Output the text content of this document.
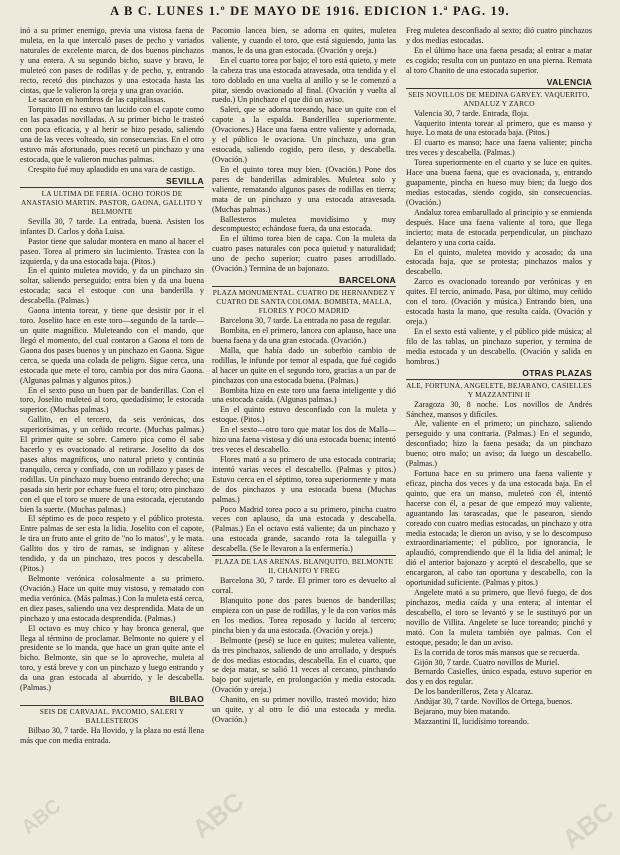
A B C. LUNES 1.º DE MAYO DE 1916. EDICION 1.ª PAG. 19.

inó a su primer enemigo, previa una vistosa faena de muleta, en la que intercaló pases de pecho y variados naturales de excelente marca, de dos buenos pinchazos y una entera. A su segundo bicho, suave y bravo, le muleteó con pases de rodillas y de pecho, y, entrando recto, recetó dos pinchazos y una estocada hasta las cintas, que le valieron la oreja y una gran ovación.

Le sacaron en hombros de las capitalissas.

Torquito III no estuvo tan lucido con el capote como en las pasadas novilladas. A su primer bicho le trasteó con poca eficacia, y al herir se hizo pesado, saliendo una de las veces volteado, sin consecuencias. En el otro estuvo más afortunado, pues recetó un pinchazo y una estocada, que le valieron muchas palmas.

Crespito fué muy aplaudido en una vara de castigo.

SEVILLA
LA ULTIMA DE FERIA. OCHO TOROS DE ANASTASIO MARTIN. PASTOR, GAONA, GALLITO Y BELMONTE

Sevilla 30, 7 tarde. La entrada, buena. Asisten los infantes D. Carlos y doña Luisa.

Pastor tiene que saludar montera en mano al hacer el paseo. Torea al primero sin lucimiento. Trastea con la izquierda, y da una estocada baja. (Pitos.)

En el quinto muletea movido, y da un pinchazo sin soltar, saliendo perseguido; entra bien y da una buena estocada; saca el estoque con una banderilla y descabella. (Palmas.)

Gaona intenta torear, y tiene que desistir por ir el toro. Joselito hace en este toro—segundo de la tarde—un quite magnífico. Muleteando con el mando, que llegó el momento, del cual contaron a Gaona el toro de Gaona dos pases buenos y un pinchazo en Gaona. Sigue cerca, se queda una colada de peligro. Sigue cerca, una estocada que mete el toro, cambia por dos mira Gaona. (Algunas palmas y algunos pitos.)

En el sexto puso un buen par de banderillas. Con el toro, Joselito muleteó al toro, quedadísimo; le estocada superior. (Muchas palmas.)

Gallito, en el tercero, da seis verónicas, dos superiorísimas, y un ceñido recorte. (Muchas palmas.) El primer quite se sobre. Camero pica como él sabe hacerlo y es ovacionado al retirarse. Joselito da dos pases altos magníficos, uno natural prieto y continúa tranquilo, cerca y confiado, con un rodillazo y pases de rodillas. Un pinchazo muy bueno entrando derecho; una pasada sin herir por echarse fuera el toro; otro pinchazo con el que el toro se muere de una estocada, ejecutando bien la suerte. (Muchas palmas.)

El séptimo es de poco respeto y el público protesta. Entre palmas de ser esta la lidia. Joselito con el capote, le tira un fruto ante el grito de "no lo matos", y le mata. Gallito dos y tiro de ramas, se indignan y alítese tendido, y da un pinchazo, tres pocos y descabella. (Pitos.)

Belmonte verónica colosalmente a su primero. (Ovación.) Hace un quite muy vistoso, y rematado con media verónica. (Más palmas.) Con la muleta está cerca, en diez pases, saliendo una vez desprendida. Mata de un pinchazo y una estocada desprendida. (Palmas.)

El octavo es muy chico y hay bronca general, que llega al término de proclamar. Belmonte no quiere y el presidente se lo manda, que hace un gran quite ante el bicho. Belmonte, sin que se lo aproveche, muleta al toro, y está breve y con un pinchazo y luego entrando y da una gran estocada al aburrido, y le descabella. (Palmas.)

BILBAO
SEIS DE CARVAJAL. PACOMIO, SALERI Y BALLESTEROS

Bilbao 30, 7 tarde. Ha llovido, y la plaza no está llena más que con media entrada.

Pacomio lancea bien, se adorna en quites, muletea valiente, y cuando el toro, que está siguiendo, junta las manos, le da una gran estocada. (Ovación y oreja.)

En el cuarto torea por bajo; el toro está quieto, y mete la cabeza tras una estocada atravesada, otra tendida y el toro doblado en una vuelta al anillo y se le comenzó a pitar, siendo ovacionado al final. (Ovación y vuelta al ruedo.) Un pinchazo el que dió un aviso.

Saleri, que se adorna toreando, hace un quite con el capote a la espalda. Banderillea superiormente. (Ovaciones.) Hace una faena entre valiente y adornada, y el público le ovaciona. Un pinchazo, una gran estocada, saliendo cogido, pero ileso, y descabella. (Ovación.)

En el quinto torea muy bien. (Ovación.) Pone dos pares de banderillas admirables. Muletea solo y valiente, rematando algunos pases de rodillas en tierra; mata de un pinchazo y una estocada atravesada. (Muchas palmas.)

Ballesteros muletea movidísimo y muy descompuesto; echándose fuera, da una estocada.

En el último torea bien de capa. Con la muleta da cuatro pases naturales con poca quietud y naturalidad; uno de pecho superior; cuatro pases arrodillado. (Ovación.) Termina de un bajonazo.

BARCELONA
PLAZA MONUMENTAL. CUATRO DE HERNANDEZ Y CUATRO DE SANTA COLOMA. BOMBITA, MALLA, FLORES Y POCO MADRID

Barcelona 30, 7 tarde. La entrada no pasa de regular.

Bombita, en el primero, lancea con aplauso, hace una buena faena y da una gran estocada. (Ovación.)

Malla, que había dado un soberbio cambio de rodillas, le infunde por temor al espada, que fué cogido al hacer un quite en el segundo toro, gracias a un par de pinchazos con una estocada buena. (Palmas.)

Bombita hizo en este toro una faena inteligente y dió una estocada caída. (Algunas palmas.)

En el quinto estuvo desconfiado con la muleta y estoque. (Pitos.)

En el sexto—otro toro que matar los dos de Malla—hizo una faena vistosa y dió una estocada buena; intentó tres veces el descabello.

Flores mató a su primero de una estocada contraria; intentó varias veces el descabello. (Palmas y pitos.) Estuvo cerca en el séptimo, torea superiormente y mata de dos pinchazos y una estocada buena (Muchas palmas.)

Poco Madrid torea poco a su primero, pincha cuatro veces con aplauso, da una estocada y descabella. (Palmas.) En el octavo está valiente; da un pinchazo y una estocada grande, sacando rota la taleguilla y descabella. (Se le llevaron a la enfermería.)

PLAZA DE LAS ARENAS. BLANQUITO, BELMONTE II, CHANITO Y FREG

Barcelona 30, 7 tarde. El primer toro es devuelto al corral.

Blanquito pone dos pares buenos de banderillas; empieza con un pase de rodillas, y le da con varios más en los medios. Torea reposado y lucido al tercero; pincha bien y da una estocada. (Ovación y oreja.)

Belmonte (pesé) se luce en quites; muletea valiente, da tres pinchazos, saliendo de uno arrollado, y después de dos medias estocadas, descabella. En el cuarto, que se deja matar, se salió 11 veces al cercano, pinchando bajo por sujetarle, en prolongación y media estocada. (Ovación y oreja.)

Chanito, en su primer novillo, trasteó movido; hizo un quite, y al otro le dió una estocada y media. (Ovación.)

Freg muletea desconfiado al sexto; dió cuatro pinchazos y dos medias estocadas.

En el último hace una faena pesada; al entrar a matar es cogido; resulta con un puntazo en una pierna. Remata al toro Chanito de una estocada superior.

VALENCIA
SEIS NOVILLOS DE MEDINA GARVEY. VAQUERITO, ANDALUZ Y ZARCO

Valencia 30, 7 tarde. Entrada, floja.

Vaquerito intenta torear al primero, que es manso y huye. Lo mata de una estocada baja. (Pitos.)

El cuarto es manso; hace una faena valiente; pincha tres veces y descabella. (Palmas.)

Torea superiormente en el cuarto y se luce en quites. Hace una buena faena, que es ovacionada, y, entrando guapamente, pincha en hueso muy bien; da luego dos medias estocadas, siendo cogido, sin consecuencias. (Ovación.)

Andaluz torea embarullado al principio y se enmienda después. Hace una faena valiente al toro, que llega incierto; mata de estocada perpendicular, un pinchazo delantero y una corta caída.

En el quinto, muletea movido y acosado; da una estocada baja, que se protesta; pinchazos malos y descabello.

Zarco es ovacionado toreando por verónicas y en quites. El tercio, animado. Pasa, por último, muy ceñido con el toro. (Ovación y música.) Entrando bien, una estocada hasta la mano, que resulta caída. (Ovación y oreja.)

En el sexto está valiente, y el público pide música; al filo de las tablas, un pinchazo superior, y termina de media estocada y un descabello. (Ovación y salida en hombros.)

OTRAS PLAZAS
ALE, FORTUNA, ANGELETE, BEJARANO, CASIELLES Y MAZZANTINI II

Zaragoza 30, 8 noche. Los novillos de Andrés Sánchez, mansos y difíciles.

Ale, valiente en el primero; un pinchazo, saliendo perseguido y una contraria. (Palmas.) En el segundo, desconfiado; hizo la faena pesada; da un pinchazo bueno; otro malo; un aviso; da luego un descabello. (Palmas.)

Fortuna hace en su primero una faena valiente y eficaz, pincha dos veces y da una estocada baja. En el quinto, que era un manso, muleteó con él, intentó hacerse con él, a pesar de que empezó muy valiente, aguantando las tarascadas, que le pasearon, siendo coreado con cuatro medias estocadas, un pinchazo y otra media estocada; le dieron un aviso, y se lo descompuso extraordinariamente; el público, por ignorancia, le aplaudió, comprendiendo que él la lidia del animal; le dió el anterior bajonazo y aceptó el descabello, que se encargaron, al cabo tan oportuna y descabello, con la oportunidad suficiente. (Palmas y pitos.)

Angelete mató a su primero, que llevó fuego, de dos pinchazos, media caída y una entera; al intentar el descabello, el toro se levantó y se le sustituyó por un novillo de Villita. Angelete se luce toreando; pinchó y mató. Con la muleta también oye palmas. Con el estoque, pesado; le dan un aviso.

Es la corrida de toros más mansos que se recuerda.

Gijón 30, 7 tarde. Cuatro novillos de Muriel.

Bernardo Casielles, único espada, estuvo superior en dos y en dos regular.

De los banderilleros, Zeta y Alcaraz.

Andújar 30, 7 tarde. Novillos de Ortega, buenos.

Bejarano, muy bien matando.

Mazzantini II, lucidísimo toreando.

ABC	ABC	ABC
